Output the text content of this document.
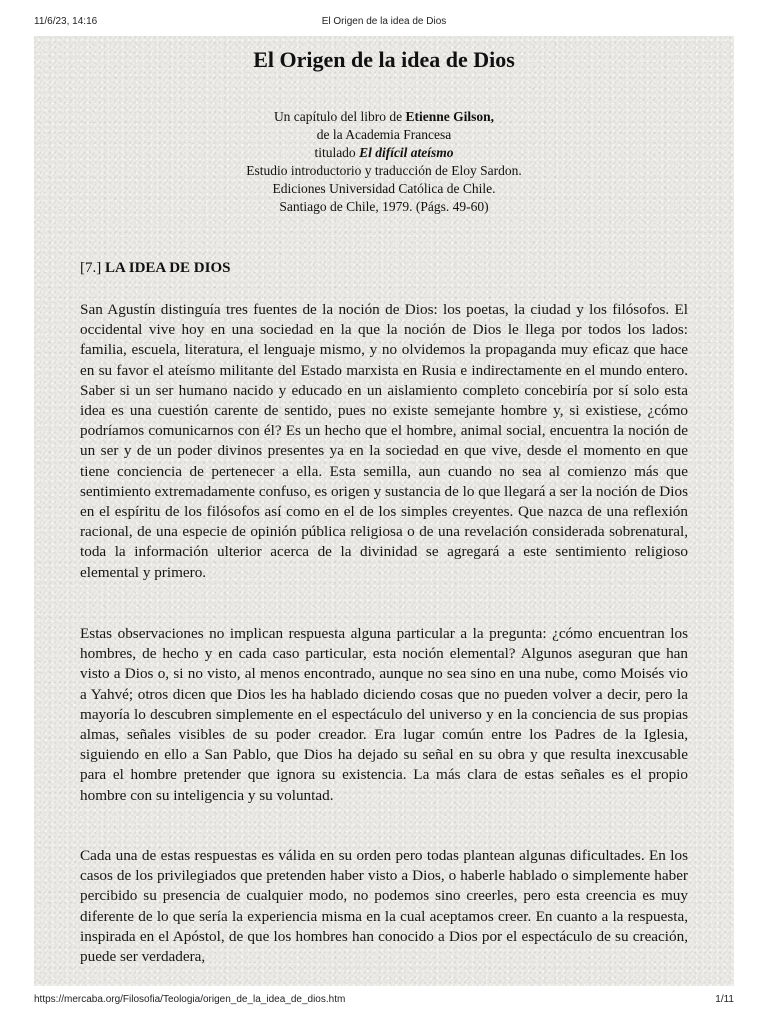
11/6/23, 14:16	El Origen de la idea de Dios
El Origen de la idea de Dios
Un capítulo del libro de Etienne Gilson,
de la Academia Francesa
titulado El difícil ateísmo
Estudio introductorio y traducción de Eloy Sardon.
Ediciones Universidad Católica de Chile.
Santiago de Chile, 1979. (Págs. 49-60)
[7.] LA IDEA DE DIOS

San Agustín distinguía tres fuentes de la noción de Dios: los poetas, la ciudad y los filósofos. El occidental vive hoy en una sociedad en la que la noción de Dios le llega por todos los lados: familia, escuela, literatura, el lenguaje mismo, y no olvidemos la propaganda muy eficaz que hace en su favor el ateísmo militante del Estado marxista en Rusia e indirectamente en el mundo entero. Saber si un ser humano nacido y educado en un aislamiento completo concebiría por sí solo esta idea es una cuestión carente de sentido, pues no existe semejante hombre y, si existiese, ¿cómo podríamos comunicarnos con él? Es un hecho que el hombre, animal social, encuentra la noción de un ser y de un poder divinos presentes ya en la sociedad en que vive, desde el momento en que tiene conciencia de pertenecer a ella. Esta semilla, aun cuando no sea al comienzo más que sentimiento extremadamente confuso, es origen y sustancia de lo que llegará a ser la noción de Dios en el espíritu de los filósofos así como en el de los simples creyentes. Que nazca de una reflexión racional, de una especie de opinión pública religiosa o de una revelación considerada sobrenatural, toda la información ulterior acerca de la divinidad se agregará a este sentimiento religioso elemental y primero.

Estas observaciones no implican respuesta alguna particular a la pregunta: ¿cómo encuentran los hombres, de hecho y en cada caso particular, esta noción elemental? Algunos aseguran que han visto a Dios o, si no visto, al menos encontrado, aunque no sea sino en una nube, como Moisés vio a Yahvé; otros dicen que Dios les ha hablado diciendo cosas que no pueden volver a decir, pero la mayoría lo descubren simplemente en el espectáculo del universo y en la conciencia de sus propias almas, señales visibles de su poder creador. Era lugar común entre los Padres de la Iglesia, siguiendo en ello a San Pablo, que Dios ha dejado su señal en su obra y que resulta inexcusable para el hombre pretender que ignora su existencia. La más clara de estas señales es el propio hombre con su inteligencia y su voluntad.

Cada una de estas respuestas es válida en su orden pero todas plantean algunas dificultades. En los casos de los privilegiados que pretenden haber visto a Dios, o haberle hablado o simplemente haber percibido su presencia de cualquier modo, no podemos sino creerles, pero esta creencia es muy diferente de lo que sería la experiencia misma en la cual aceptamos creer. En cuanto a la respuesta, inspirada en el Apóstol, de que los hombres han conocido a Dios por el espectáculo de su creación, puede ser verdadera,

https://mercaba.org/Filosofia/Teologia/origen_de_la_idea_de_dios.htm	1/11
